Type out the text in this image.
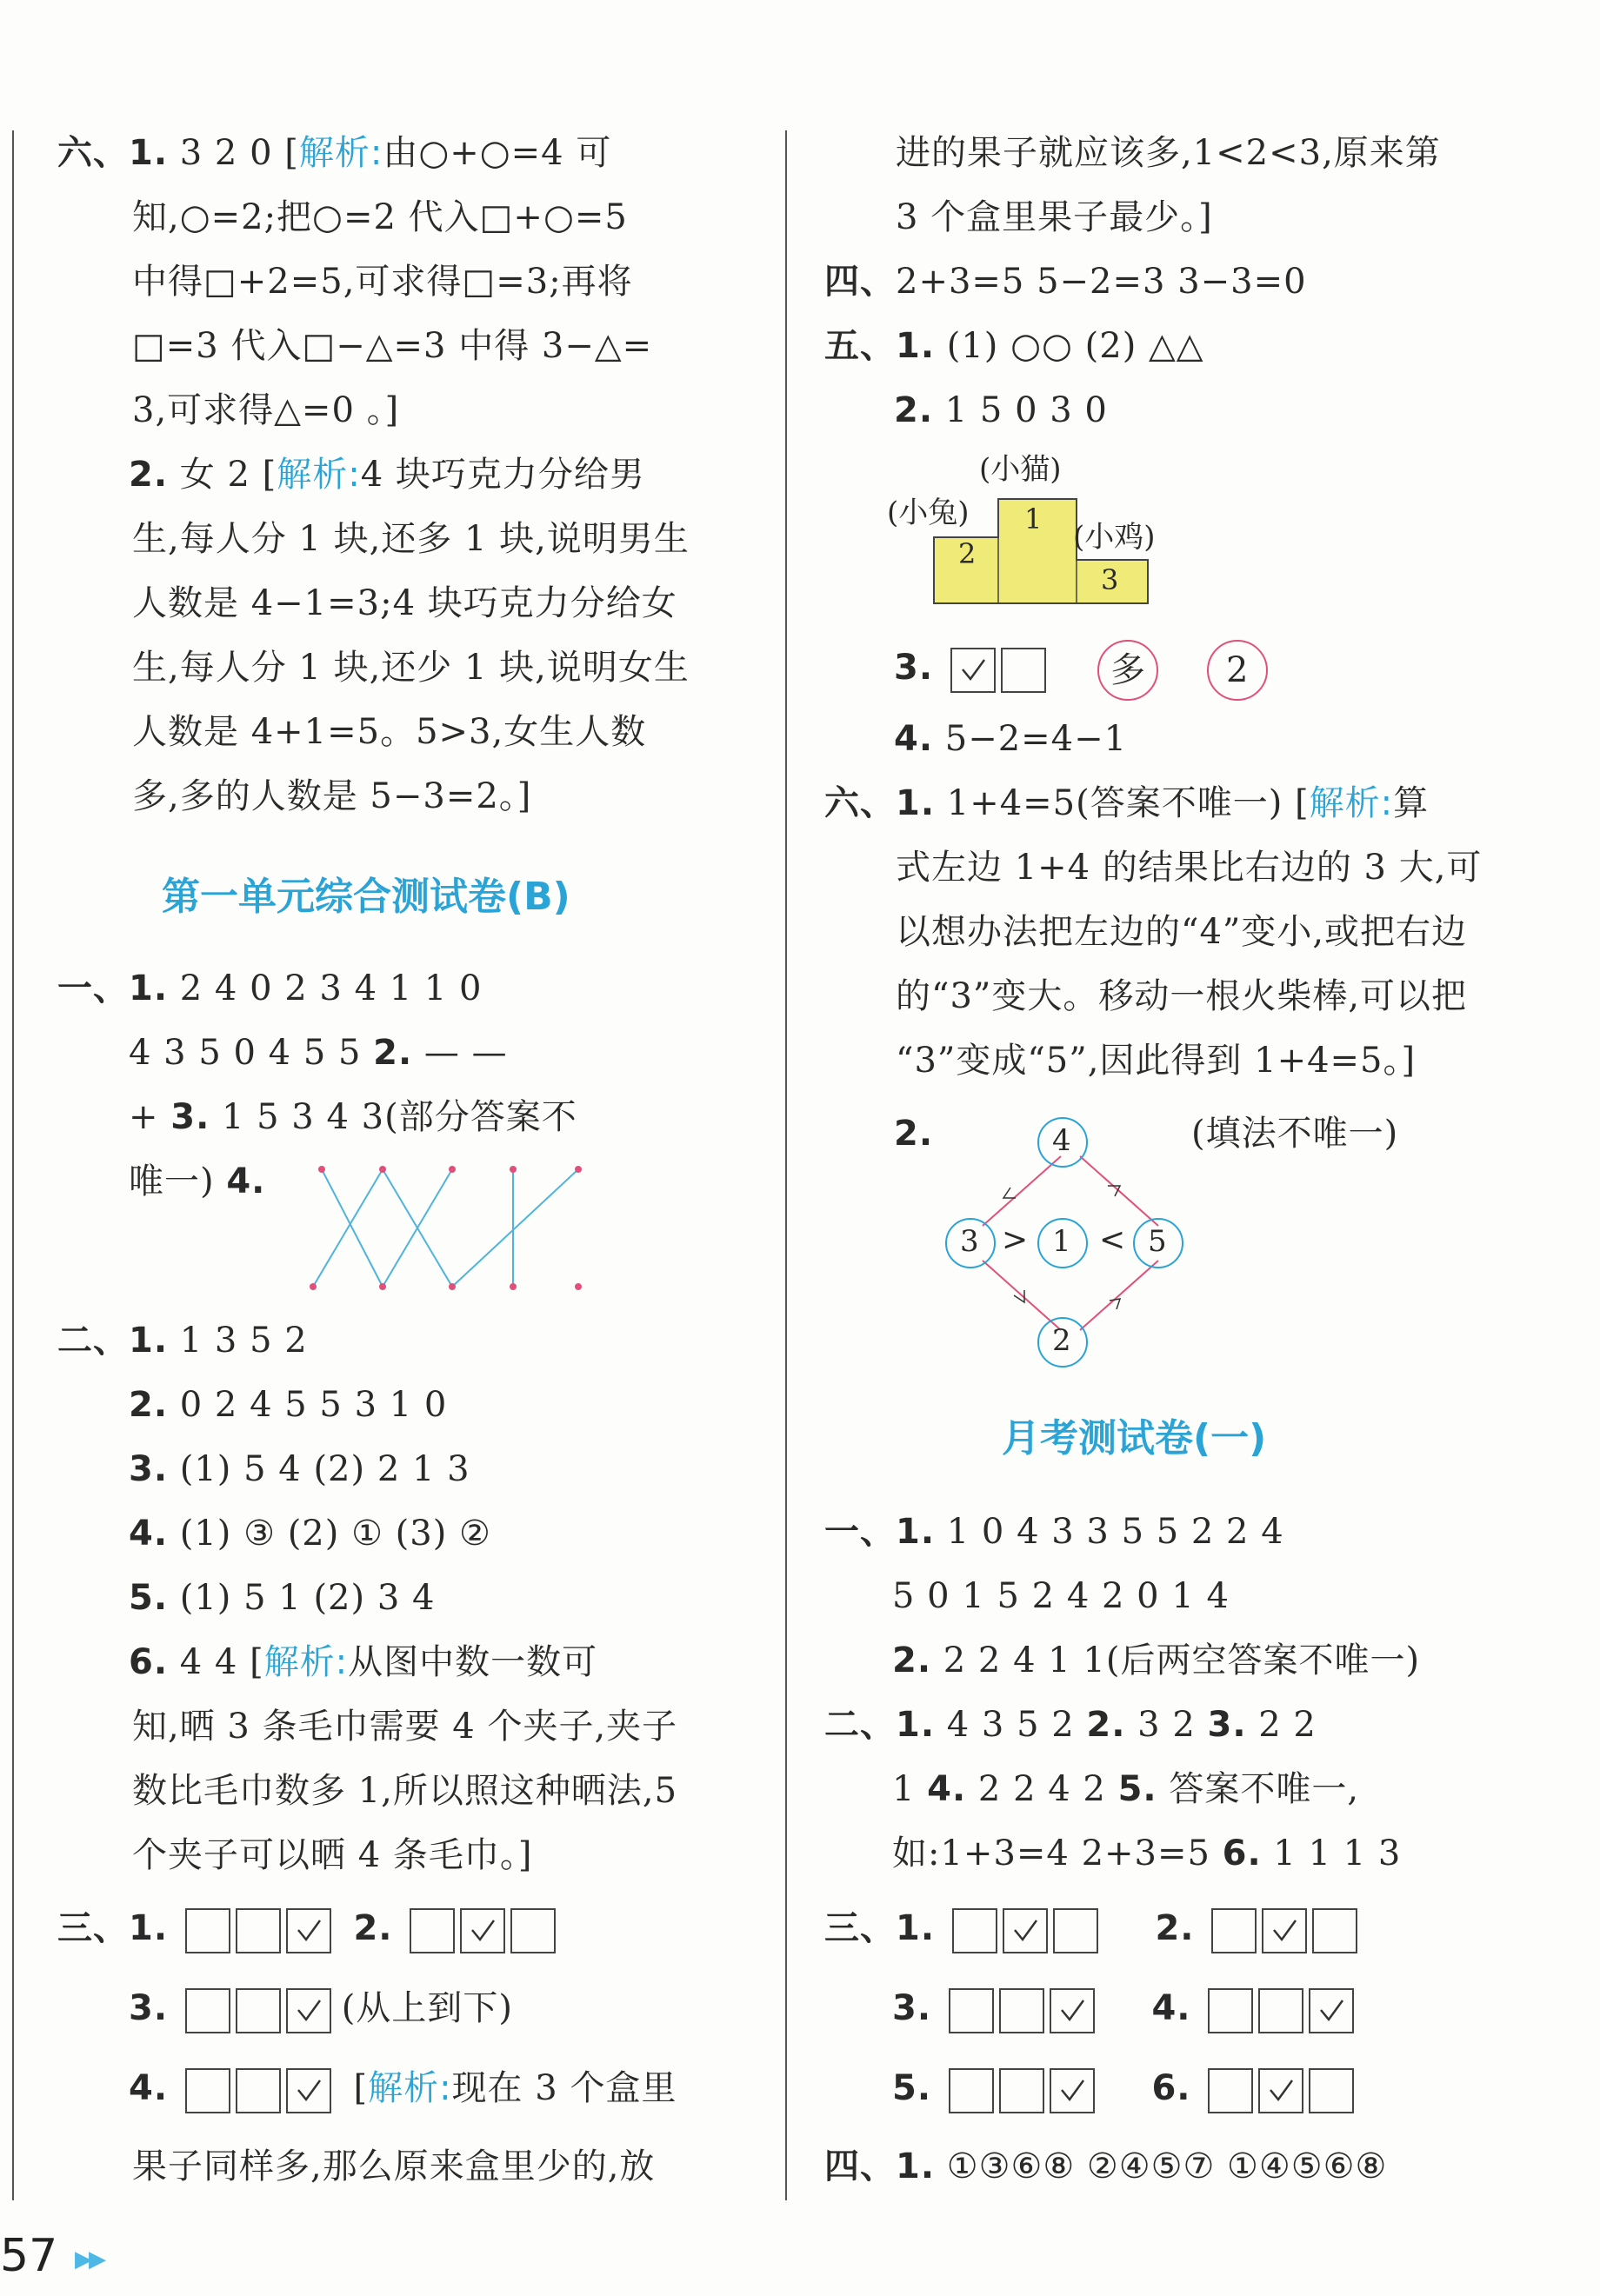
六、1. 3 2 0 [解析:由○+○=4 可
知,○=2;把○=2 代入□+○=5
中得□+2=5,可求得□=3;再将
□=3 代入□−△=3 中得 3−△=
3,可求得△=0 。]
2. 女 2 [解析:4 块巧克力分给男
生,每人分 1 块,还多 1 块,说明男生
人数是 4−1=3;4 块巧克力分给女
生,每人分 1 块,还少 1 块,说明女生
人数是 4+1=5。5>3,女生人数
多,多的人数是 5−3=2。]
第一单元综合测试卷(B)
一、1. 2 4 0 2 3 4 1 1 0
4 3 5 0 4 5 5 2. — —
+ 3. 1 5 3 4 3(部分答案不
唯一) 4.
二、1. 1 3 5 2
2. 0 2 4 5 5 3 1 0
3. (1) 5 4 (2) 2 1 3
4. (1) ③ (2) ① (3) ②
5. (1) 5 1 (2) 3 4
6. 4 4 [解析:从图中数一数可
知,晒 3 条毛巾需要 4 个夹子,夹子
数比毛巾数多 1,所以照这种晒法,5
个夹子可以晒 4 条毛巾。]
三、1.	2.
3.	(从上到下)
4.	[解析:现在 3 个盒里
果子同样多,那么原来盒里少的,放
进的果子就应该多,1<2<3,原来第
3 个盒里果子最少。]
四、2+3=5 5−2=3 3−3=0
五、1. (1) ○○ (2) △△
2. 1 5 0 3 0
(小猫)
(小兔)
(小鸡)
1
2
3
3.	多 2
4. 5−2=4−1
六、1. 1+4=5(答案不唯一) [解析:算
式左边 1+4 的结果比右边的 3 大,可
以想办法把左边的“4”变小,或把右边
的“3”变大。移动一根火柴棒,可以把
“3”变成“5”,因此得到 1+4=5。]
2.	(填法不唯一)
4
3 1	5
2
> <
月考测试卷(一)
一、1. 1 0 4 3 3 5 5 2 2 4
5 0 1 5 2 4 2 0 1 4
2. 2 2 4 1 1(后两空答案不唯一)
二、1. 4 3 5 2 2. 3 2 3. 2 2
1 4. 2 2 4 2 5. 答案不唯一,
如:1+3=4 2+3=5 6. 1 1 1 3
三、1.	2.
3.	4.
5.	6.
四、1. ①③⑥⑧ ②④⑤⑦ ①④⑤⑥⑧
57 ▶▶
